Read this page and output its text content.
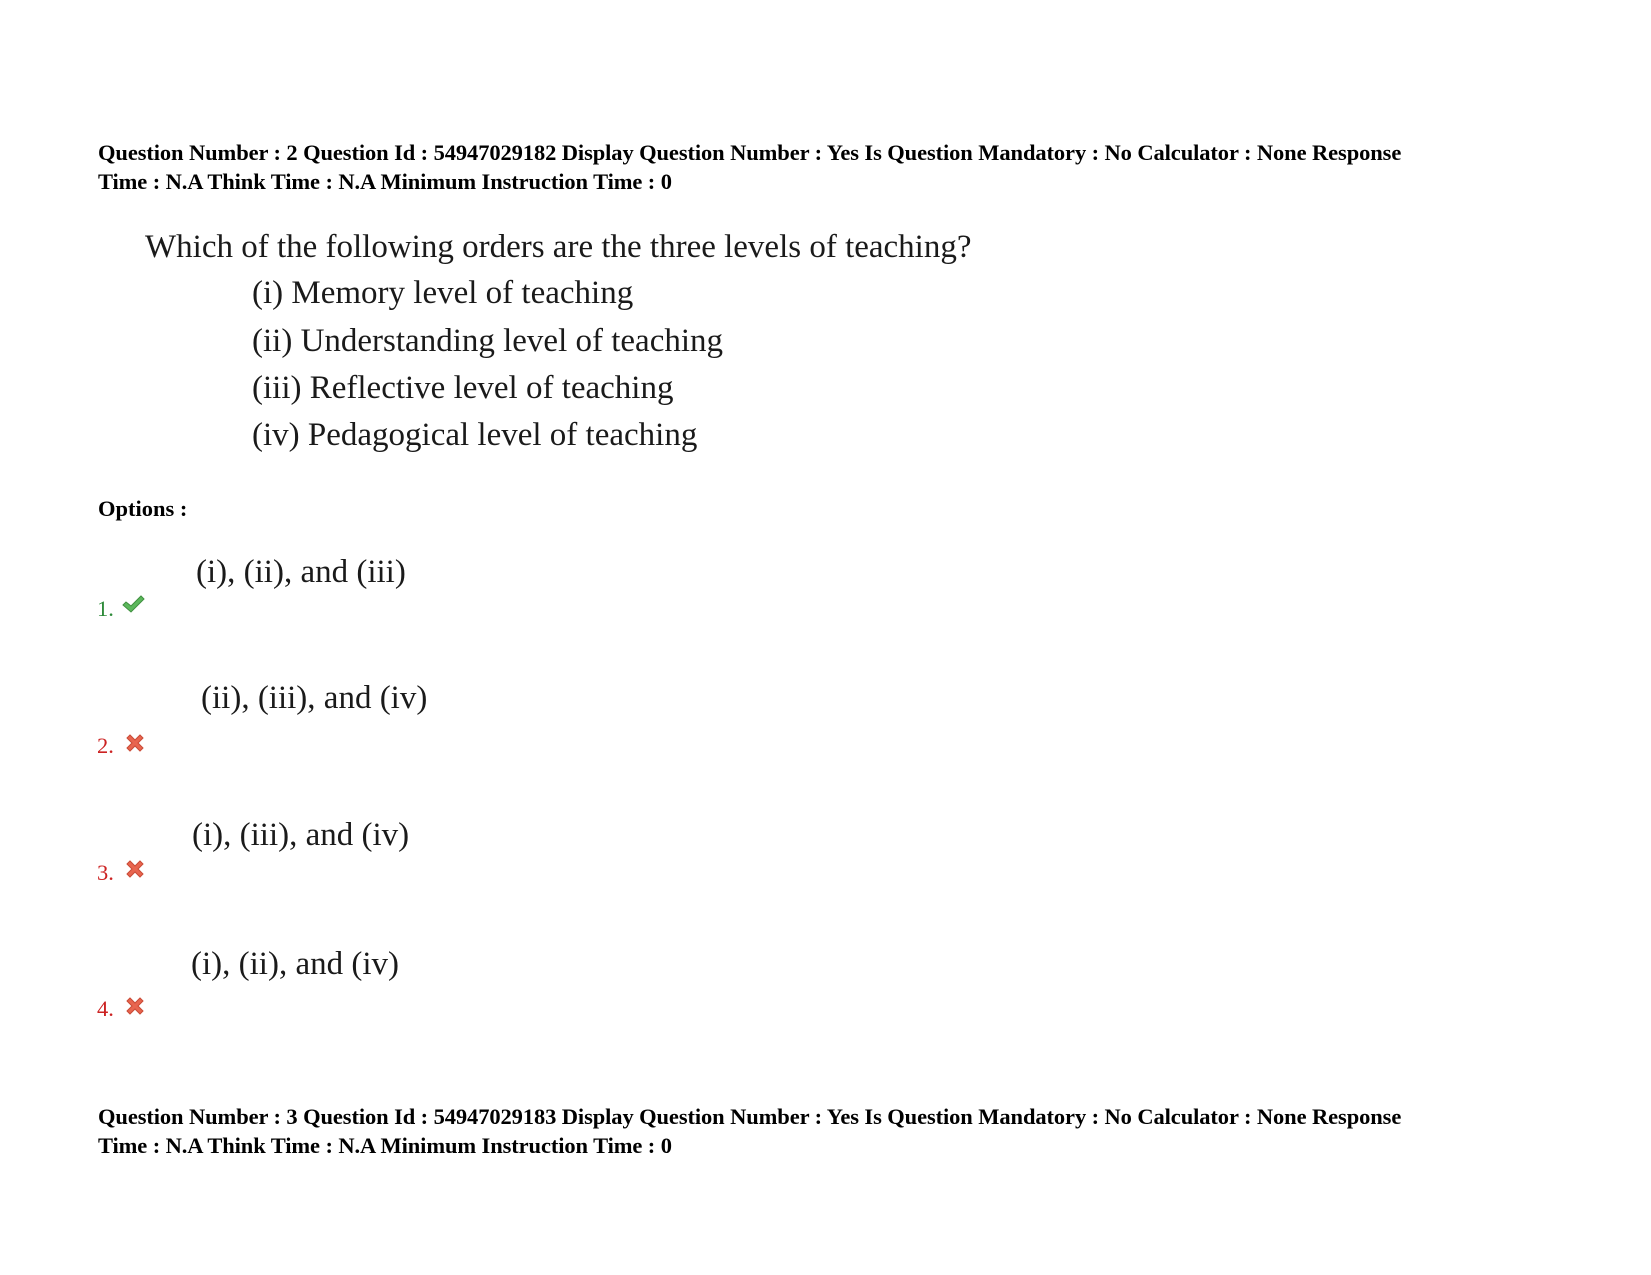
Question Number : 2 Question Id : 54947029182 Display Question Number : Yes Is Question Mandatory : No Calculator : None Response
Time : N.A Think Time : N.A Minimum Instruction Time : 0
Which of the following orders are the three levels of teaching?
(i) Memory level of teaching
(ii) Understanding level of teaching
(iii) Reflective level of teaching
(iv) Pedagogical level of teaching
Options :
(i), (ii), and (iii)
1.
(ii), (iii), and (iv)
2.
(i), (iii), and (iv)
3.
(i), (ii), and (iv)
4.
Question Number : 3 Question Id : 54947029183 Display Question Number : Yes Is Question Mandatory : No Calculator : None Response
Time : N.A Think Time : N.A Minimum Instruction Time : 0
